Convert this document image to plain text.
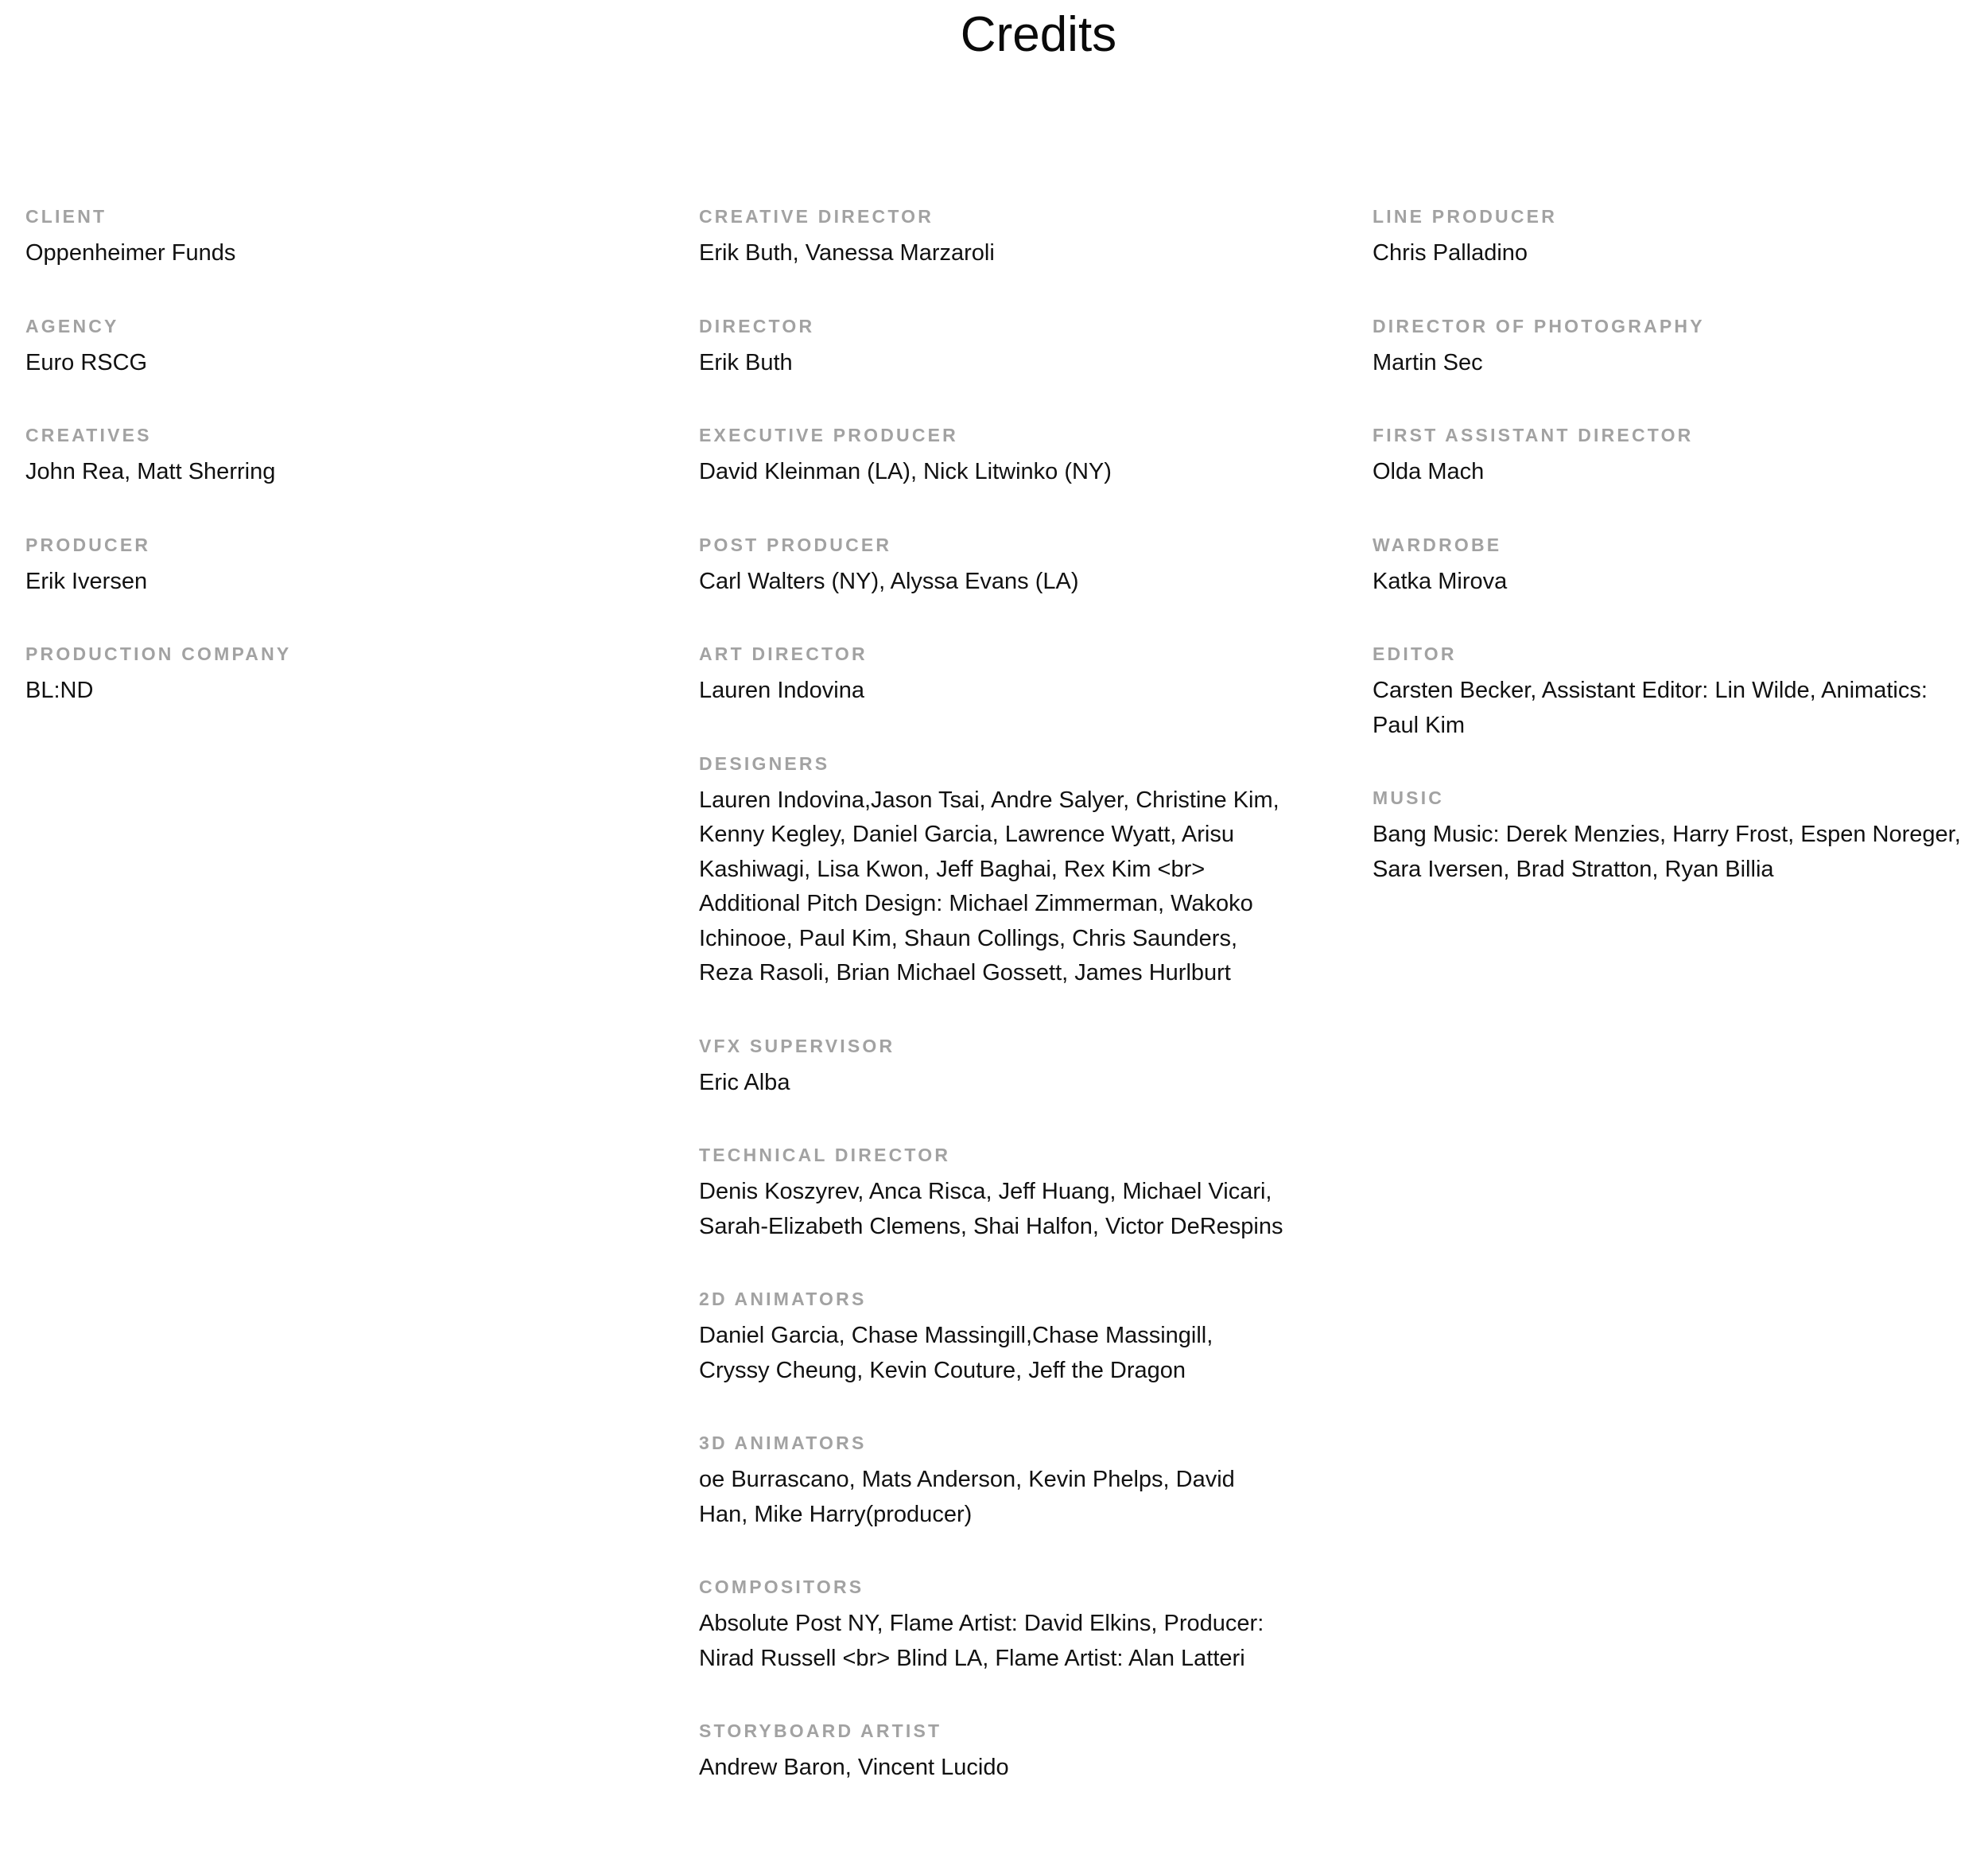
Credits
CLIENT
Oppenheimer Funds
AGENCY
Euro RSCG
CREATIVES
John Rea, Matt Sherring
PRODUCER
Erik Iversen
PRODUCTION COMPANY
BL:ND
CREATIVE DIRECTOR
Erik Buth, Vanessa Marzaroli
DIRECTOR
Erik Buth
EXECUTIVE PRODUCER
David Kleinman (LA), Nick Litwinko (NY)
POST PRODUCER
Carl Walters (NY), Alyssa Evans (LA)
ART DIRECTOR
Lauren Indovina
DESIGNERS
Lauren Indovina,Jason Tsai, Andre Salyer, Christine Kim, Kenny Kegley, Daniel Garcia, Lawrence Wyatt, Arisu Kashiwagi, Lisa Kwon, Jeff Baghai, Rex Kim <br> Additional Pitch Design: Michael Zimmerman, Wakoko Ichinooe, Paul Kim, Shaun Collings, Chris Saunders, Reza Rasoli, Brian Michael Gossett, James Hurlburt
VFX SUPERVISOR
Eric Alba
TECHNICAL DIRECTOR
Denis Koszyrev, Anca Risca, Jeff Huang, Michael Vicari, Sarah-Elizabeth Clemens, Shai Halfon, Victor DeRespins
2D ANIMATORS
Daniel Garcia, Chase Massingill,Chase Massingill, Cryssy Cheung, Kevin Couture, Jeff the Dragon
3D ANIMATORS
oe Burrascano, Mats Anderson, Kevin Phelps, David Han, Mike Harry(producer)
COMPOSITORS
Absolute Post NY, Flame Artist: David Elkins, Producer: Nirad Russell <br> Blind LA, Flame Artist: Alan Latteri
STORYBOARD ARTIST
Andrew Baron, Vincent Lucido
LINE PRODUCER
Chris Palladino
DIRECTOR OF PHOTOGRAPHY
Martin Sec
FIRST ASSISTANT DIRECTOR
Olda Mach
WARDROBE
Katka Mirova
EDITOR
Carsten Becker, Assistant Editor: Lin Wilde, Animatics: Paul Kim
MUSIC
Bang Music: Derek Menzies, Harry Frost, Espen Noreger, Sara Iversen, Brad Stratton, Ryan Billia
